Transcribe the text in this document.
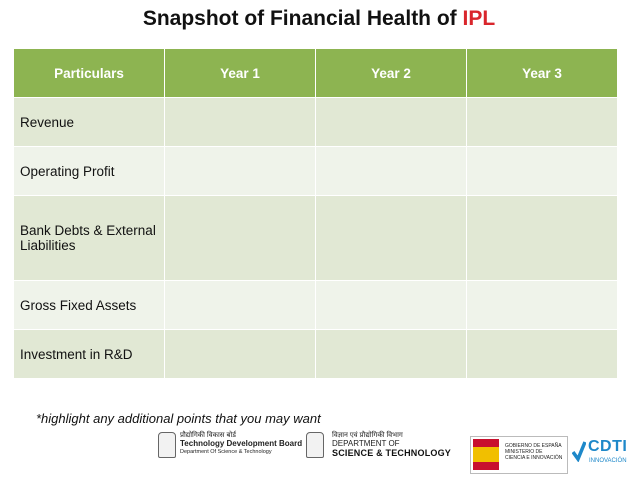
Snapshot of Financial Health of IPL
Particulars	Year 1	Year 2	Year 3
Revenue			
Operating Profit			
Bank Debts & External Liabilities			
Gross Fixed Assets			
Investment in R&D			
*highlight any additional points that you may want
प्रौद्योगिकी विकास बोर्ड
Technology Development Board
Department Of Science & Technology
विज्ञान एवं प्रौद्योगिकी विभाग
DEPARTMENT OF
SCIENCE & TECHNOLOGY
GOBIERNO DE ESPAÑA MINISTERIO DE CIENCIA E INNOVACIÓN
CDTI
INNOVACIÓN
